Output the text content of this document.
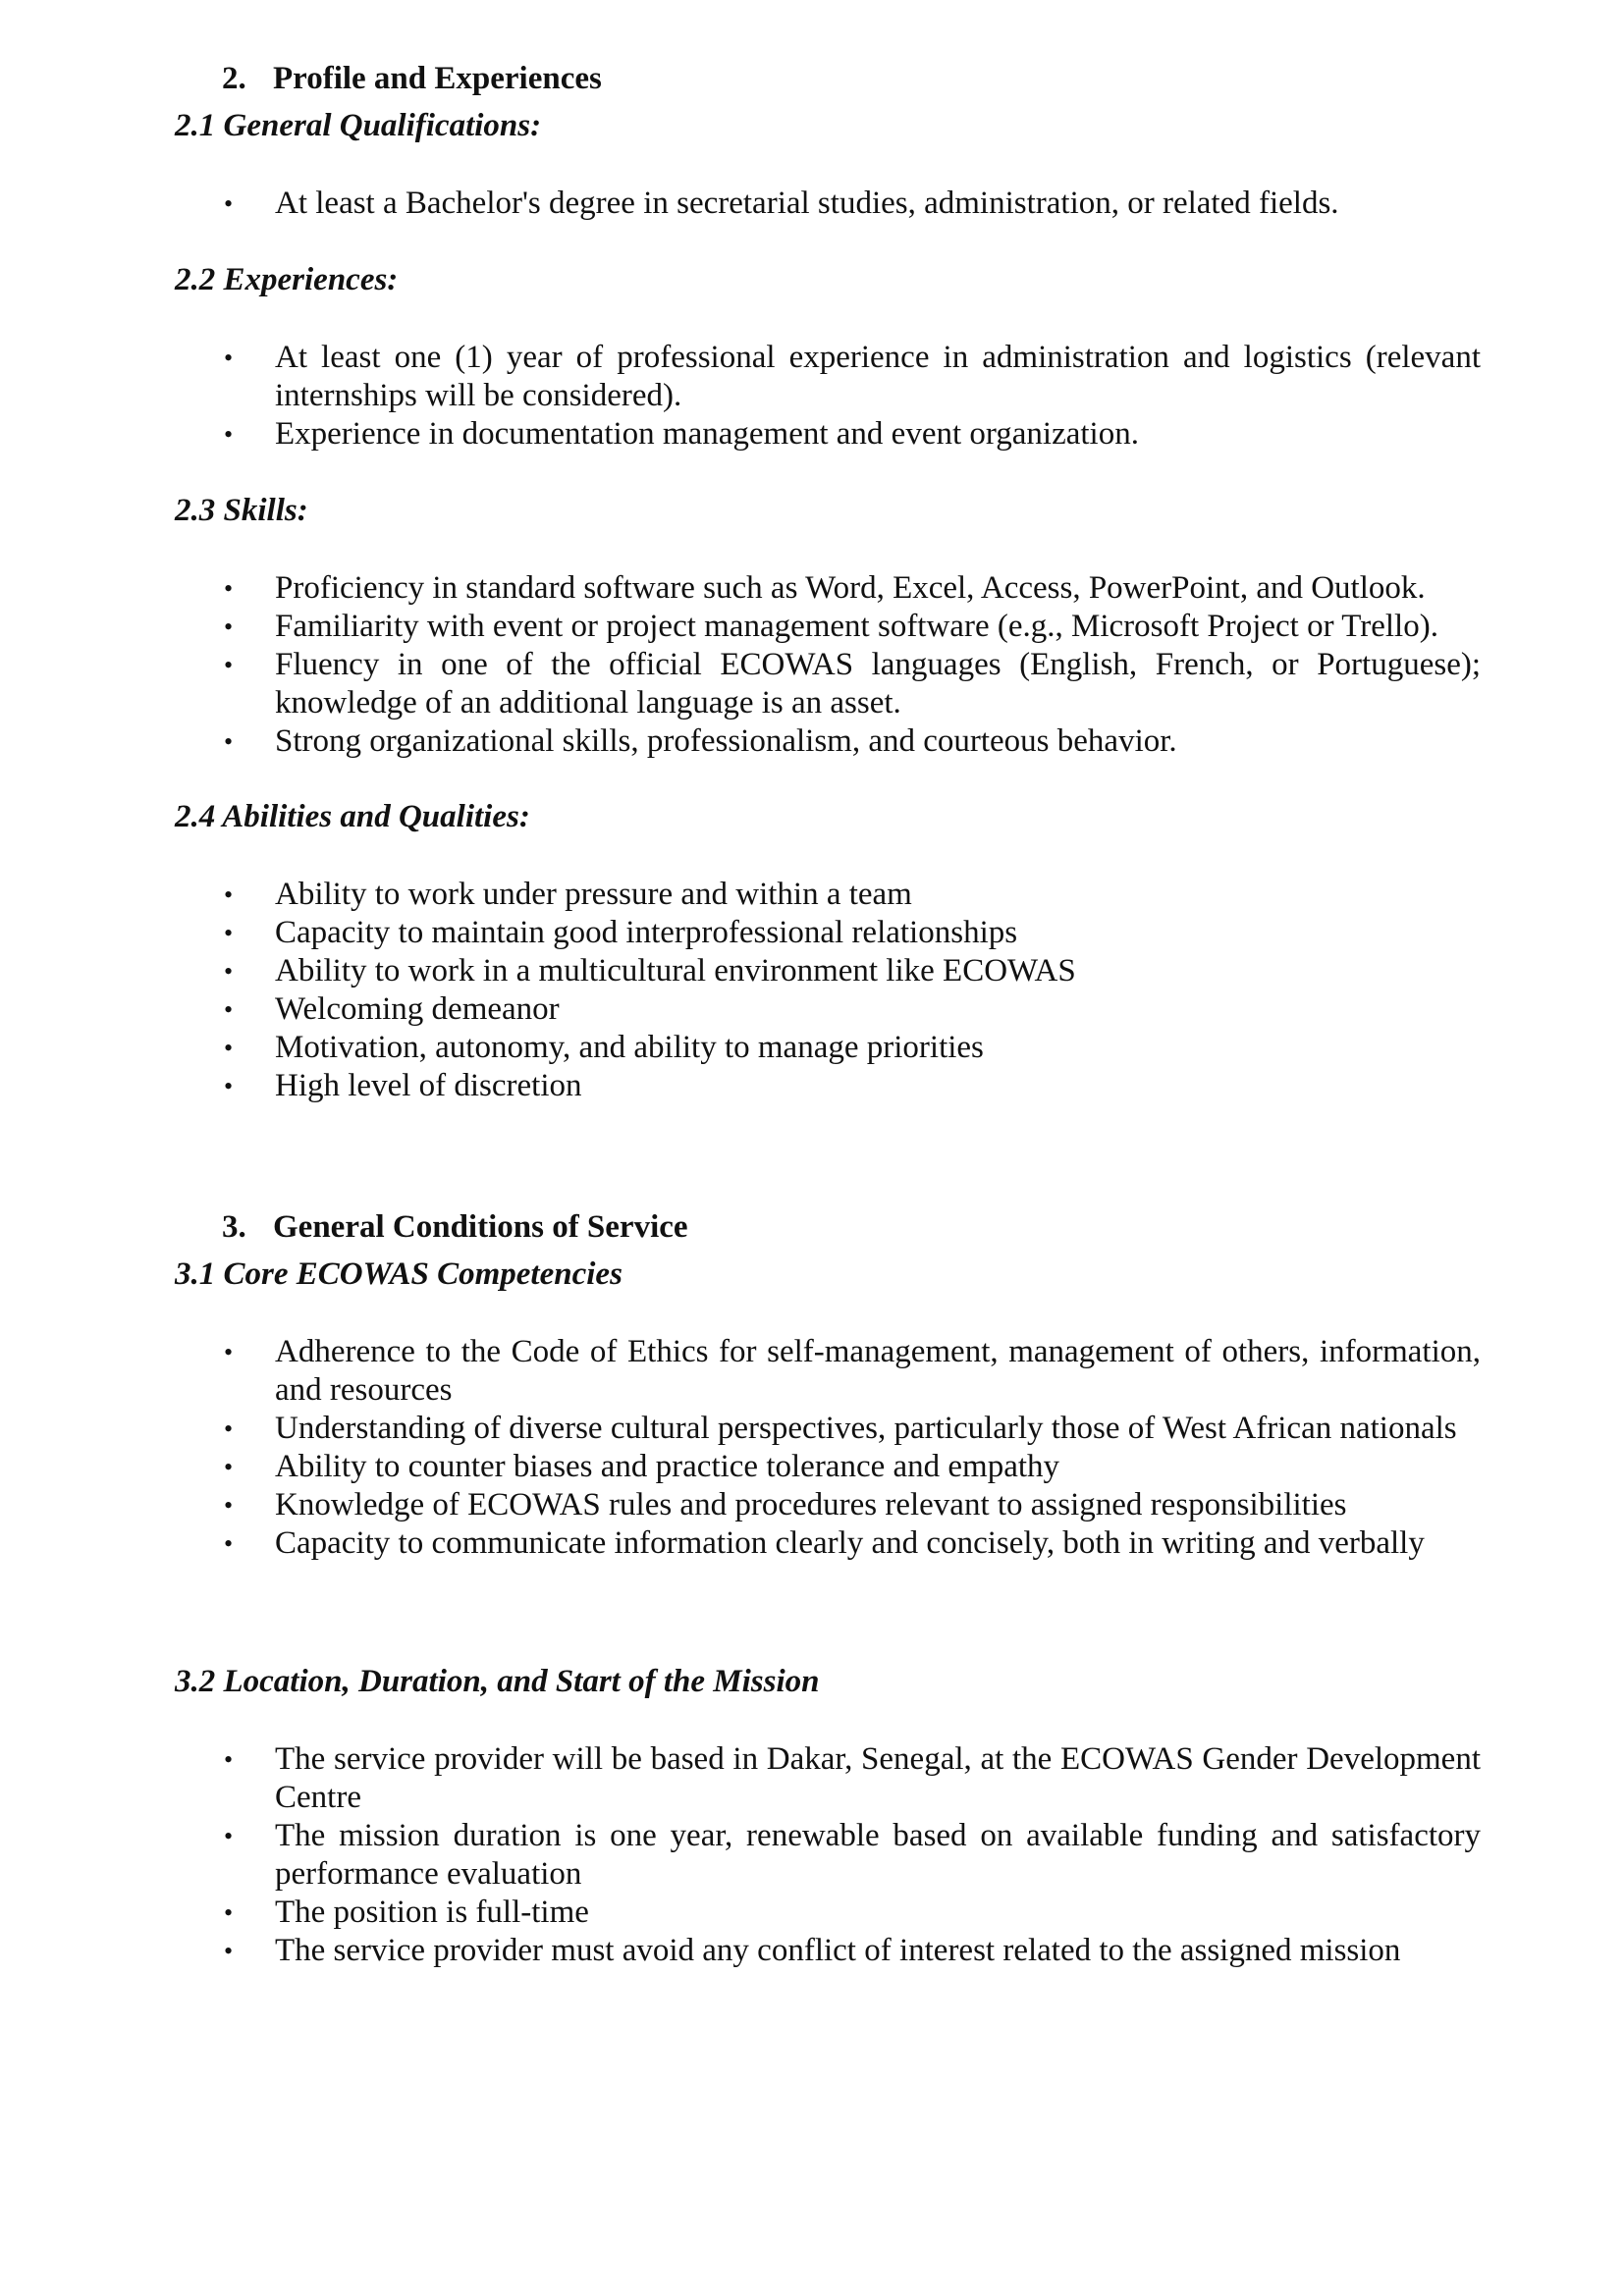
2. Profile and Experiences
2.1 General Qualifications:
•	At least a Bachelor's degree in secretarial studies, administration, or related fields.
2.2 Experiences:
•	At least one (1) year of professional experience in administration and logistics (relevant internships will be considered).
•	Experience in documentation management and event organization.
2.3 Skills:
•	Proficiency in standard software such as Word, Excel, Access, PowerPoint, and Outlook.
•	Familiarity with event or project management software (e.g., Microsoft Project or Trello).
•	Fluency in one of the official ECOWAS languages (English, French, or Portuguese); knowledge of an additional language is an asset.
•	Strong organizational skills, professionalism, and courteous behavior.
2.4 Abilities and Qualities:
•	Ability to work under pressure and within a team
•	Capacity to maintain good interprofessional relationships
•	Ability to work in a multicultural environment like ECOWAS
•	Welcoming demeanor
•	Motivation, autonomy, and ability to manage priorities
•	High level of discretion
3. General Conditions of Service
3.1 Core ECOWAS Competencies
•	Adherence to the Code of Ethics for self-management, management of others, information, and resources
•	Understanding of diverse cultural perspectives, particularly those of West African nationals
•	Ability to counter biases and practice tolerance and empathy
•	Knowledge of ECOWAS rules and procedures relevant to assigned responsibilities
•	Capacity to communicate information clearly and concisely, both in writing and verbally
3.2 Location, Duration, and Start of the Mission
•	The service provider will be based in Dakar, Senegal, at the ECOWAS Gender Development Centre
•	The mission duration is one year, renewable based on available funding and satisfactory performance evaluation
•	The position is full-time
•	The service provider must avoid any conflict of interest related to the assigned mission
